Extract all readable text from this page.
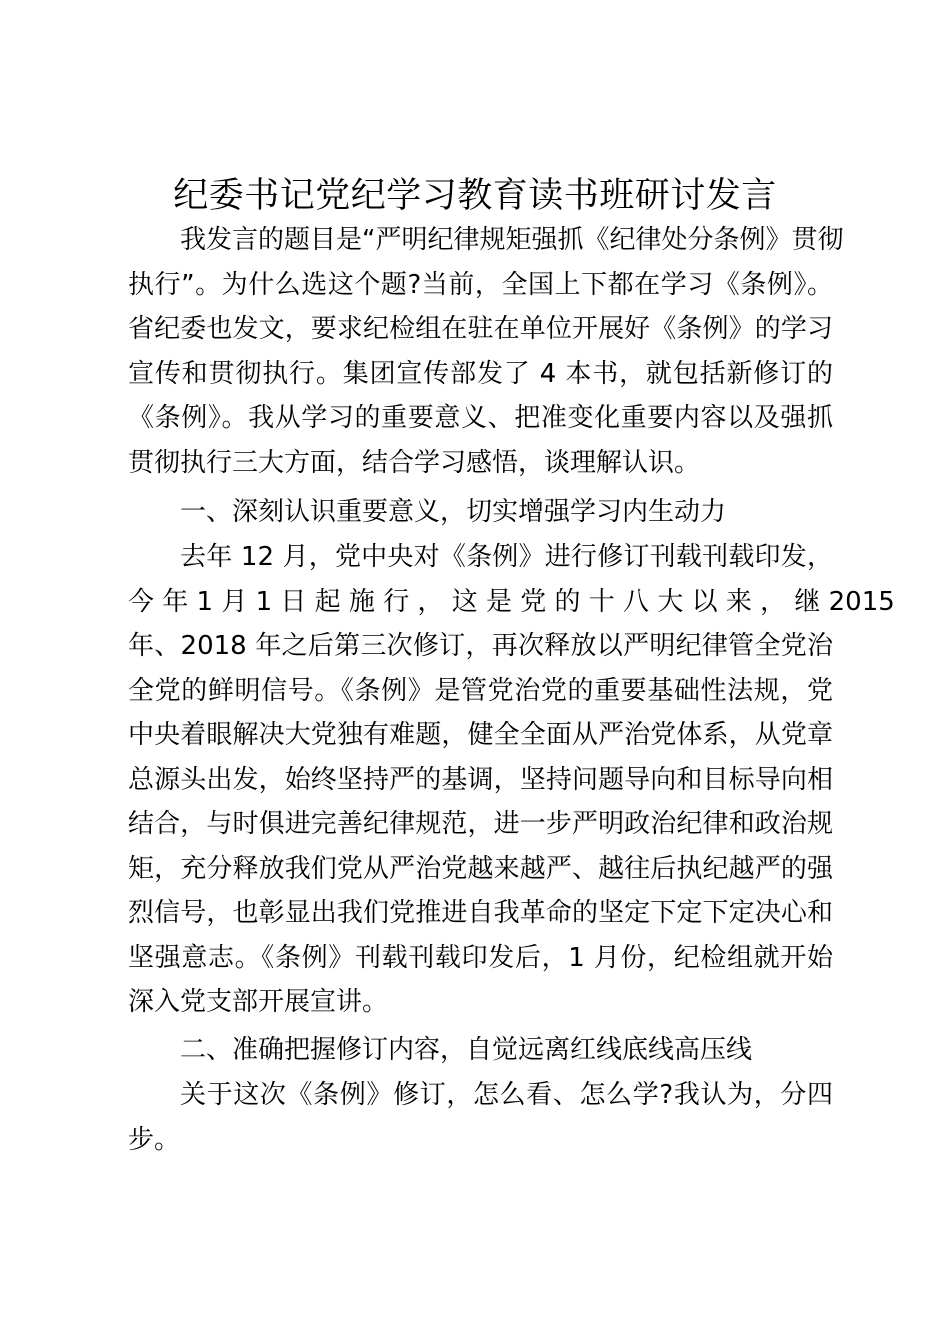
纪委书记党纪学习教育读书班研讨发言
我发言的题目是“严明纪律规矩强抓《纪律处分条例》贯彻
执行”。为什么选这个题?当前，全国上下都在学习《条例》。
省纪委也发文，要求纪检组在驻在单位开展好《条例》的学习
宣传和贯彻执行。集团宣传部发了 4 本书，就包括新修订的
《条例》。我从学习的重要意义、把准变化重要内容以及强抓
贯彻执行三大方面，结合学习感悟，谈理解认识。
一、深刻认识重要意义，切实增强学习内生动力
去年 12 月，党中央对《条例》进行修订刊载刊载印发，
今 年 1 月 1 日 起 施 行 ， 这 是 党 的 十 八 大 以 来 ， 继 2015
年、2018 年之后第三次修订，再次释放以严明纪律管全党治
全党的鲜明信号。《条例》是管党治党的重要基础性法规，党
中央着眼解决大党独有难题，健全全面从严治党体系，从党章
总源头出发，始终坚持严的基调，坚持问题导向和目标导向相
结合，与时俱进完善纪律规范，进一步严明政治纪律和政治规
矩，充分释放我们党从严治党越来越严、越往后执纪越严的强
烈信号，也彰显出我们党推进自我革命的坚定下定下定决心和
坚强意志。《条例》刊载刊载印发后，1 月份，纪检组就开始
深入党支部开展宣讲。
二、准确把握修订内容，自觉远离红线底线高压线
关于这次《条例》修订，怎么看、怎么学?我认为，分四
步。
